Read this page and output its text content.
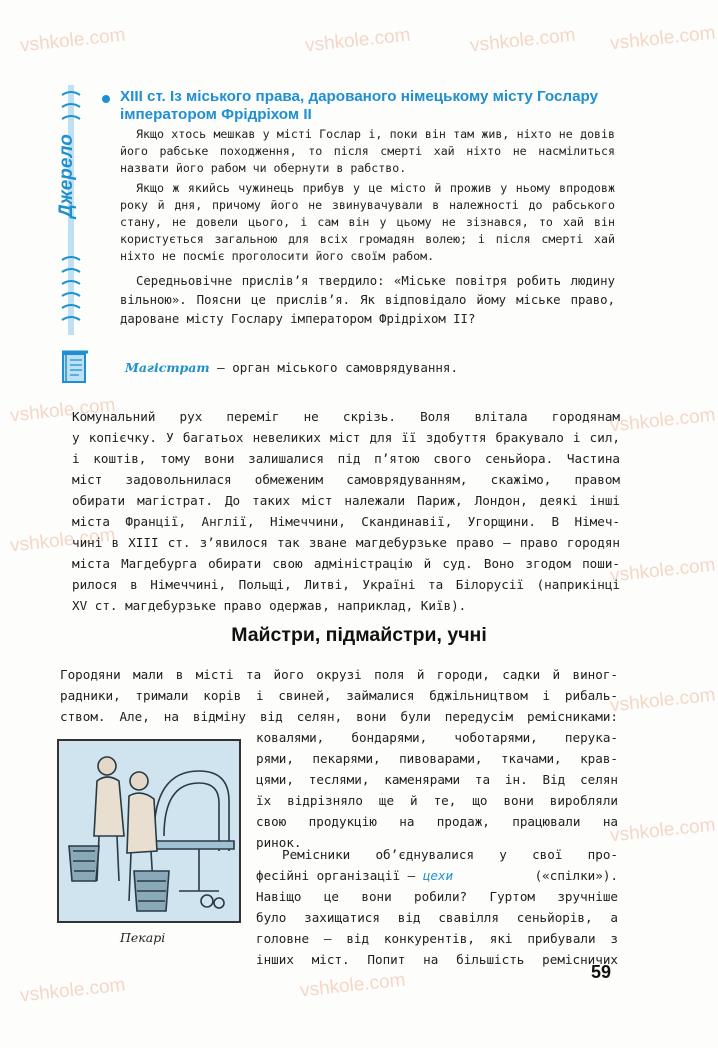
vshkole.com	vshkole.com	vshkole.com vshkole.com
vshkole.com	vshkole.com
vshkole.com
vshkole.com
vshkole.com
vshkole.com
vshkole.com	vshkole.com
Джерело
XIII ст. Із міського права, дарованого німецькому місту Гослару
імператором Фрідріхом II
Якщо хтось мешкав у місті Гослар і, поки він там жив, ніхто не довів його рабське походження, то після смерті хай ніхто не насмілиться назвати його рабом чи обернути в рабство.
Якщо ж якийсь чужинець прибув у це місто й прожив у ньому впродовж року й дня, причому його не звинувачували в належності до рабського стану, не довели цього, і сам він у цьому не зізнався, то хай він користується загальною для всіх громадян волею; і після смерті хай ніхто не посміє проголосити його своїм рабом.
Середньовічне прислів’я твердило: «Міське повітря робить людину вільною». Поясни це прислів’я. Як відповідало йому міське право, дароване місту Гослару імператором Фрідріхом II?
Магістрат — орган міського самоврядування.
Комунальний рух переміг не скрізь. Воля влітала городянам
у копієчку. У багатьох невеликих міст для її здобуття бракувало і сил,
і коштів, тому вони залишалися під п’ятою свого сеньйора. Частина
міст задовольнилася обмеженим самоврядуванням, скажімо, правом
обирати магістрат. До таких міст належали Париж, Лондон, деякі інші
міста Франції, Англії, Німеччини, Скандинавії, Угорщини. В Німеч-
чині в XIII ст. з’явилося так зване магдебурзьке право — право городян
міста Магдебурга обирати свою адміністрацію й суд. Воно згодом поши-
рилося в Німеччині, Польщі, Литві, Україні та Білорусії (наприкінці
XV ст. магдебурзьке право одержав, наприклад, Київ).
Майстри, підмайстри, учні
Городяни мали в місті та його окрузі поля й городи, садки й виног-
радники, тримали корів і свиней, займалися бджільництвом і рибаль-
ством. Але, на відміну від селян, вони були передусім ремісниками:
ковалями, бондарями, чоботарями, перука-
рями, пекарями, пивоварами, ткачами, крав-
цями, теслями, каменярами та ін. Від селян
їх відрізняло ще й те, що вони виробляли
свою продукцію на продаж, працювали на
ринок.
Ремісники об’єднувалися у свої про-
фесійні організації — цехи	(«спілки»).
Навіщо це вони робили? Гуртом зручніше
було захищатися від свавілля сеньйорів, а
головне — від конкурентів, які прибували з
інших міст. Попит на більшість ремісничих
Пекарі
59
